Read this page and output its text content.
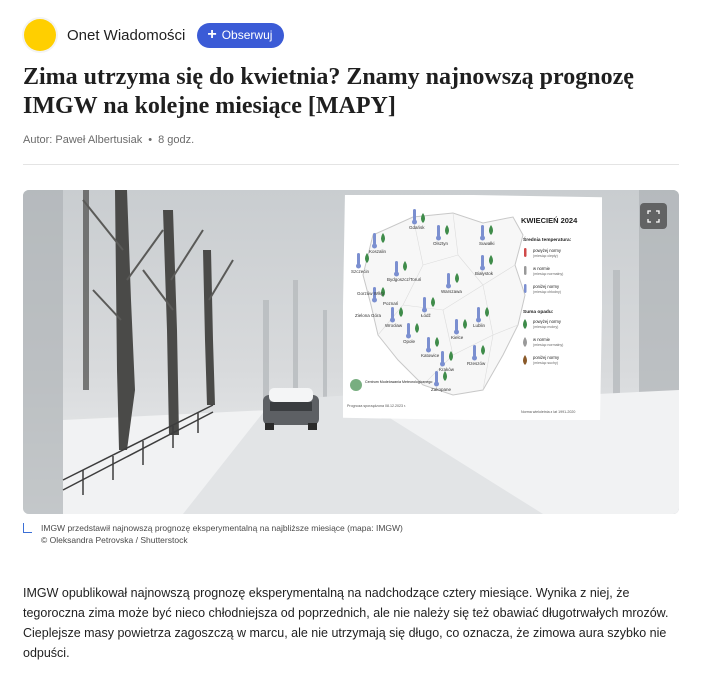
Onet Wiadomości + Obserwuj
Zima utrzyma się do kwietnia? Znamy najnowszą prognozę IMGW na kolejne miesiące [MAPY]
Autor: Paweł Albertusiak • 8 godz.
Gdańsk
Koszalin
Suwałki
Olsztyn
Szczecin	Białystok
Bydgoszcz/Toruń
Gorzów Wlkp.
Poznań
Warszawa
Zielona Góra	Łódź
Lublin
Wrocław
Opole
Kielce
Katowice
Kraków
Rzeszów
Zakopane
KWIECIEŃ 2024
Średnia temperatura:
powyżej normy
(miesiąc ciepły)
w normie
(miesiąc normalny)
poniżej normy
(miesiąc chłodny)
Suma opadu:
powyżej normy
(miesiąc mokry)
w normie
(miesiąc normalny)
poniżej normy
(miesiąc suchy)
Centrum Modelowania Meteorologicznego
Prognoza sporządzona 08.12.2023 r.
Norma wieloletnia z lat 1991-2020
IMGW przedstawił najnowszą prognozę eksperymentalną na najbliższe miesiące (mapa: IMGW)
© Oleksandra Petrovska / Shutterstock

IMGW opublikował najnowszą prognozę eksperymentalną na nadchodzące cztery miesiące. Wynika z niej, że tegoroczna zima może być nieco chłodniejsza od poprzednich, ale nie należy się też obawiać długotrwałych mrozów. Cieplejsze masy powietrza zagoszczą w marcu, ale nie utrzymają się długo, co oznacza, że zimowa aura szybko nie odpuści.
